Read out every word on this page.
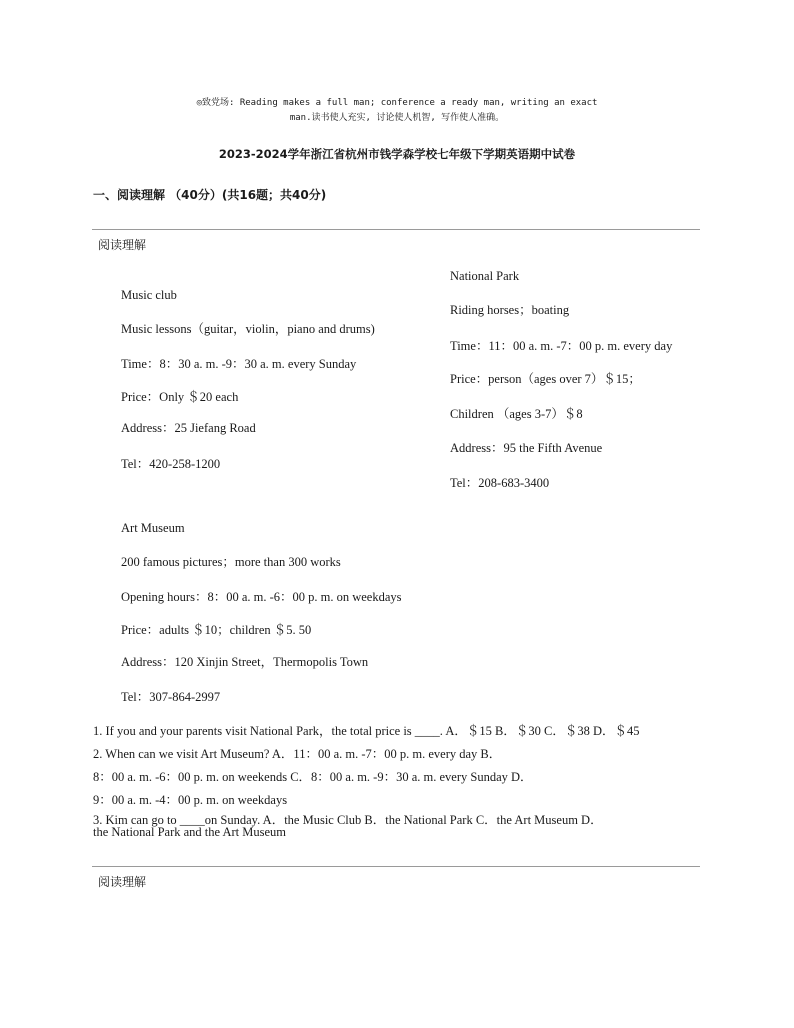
◎致党场: Reading makes a full man; conference a ready man, writing an exact
man.读书使人充实, 讨论使人机智, 写作使人准确。
2023-2024学年浙江省杭州市钱学森学校七年级下学期英语期中试卷
一、阅读理解 （40分）(共16题；共40分)
阅读理解
Music club
Music lessons（guitar，violin，piano and drums)
Time：8：30 a. m. -9：30 a. m. every Sunday
Price：Only ＄20 each
Address：25 Jiefang Road
Tel：420-258-1200
National Park
Riding horses；boating
Time：11：00 a. m. -7：00 p. m. every day
Price：person（ages over 7）＄15；
Children （ages 3-7）＄8
Address：95 the Fifth Avenue
Tel：208-683-3400
Art Museum
200 famous pictures；more than 300 works
Opening hours：8：00 a. m. -6：00 p. m. on weekdays
Price：adults ＄10；children ＄5. 50
Address：120 Xinjin Street，Thermopolis Town
Tel：307-864-2997
1. If you and your parents visit National Park，the total price is ____. A．＄15 B．＄30 C．＄38 D．＄45
2. When can we visit Art Museum? A．11：00 a. m. -7：00 p. m. every day B．
8：00 a. m. -6：00 p. m. on weekends C．8：00 a. m. -9：30 a. m. every Sunday D．
9：00 a. m. -4：00 p. m. on weekdays
3. Kim can go to ____on Sunday. A．the Music Club B．the National Park C．the Art Museum D．
the National Park and the Art Museum
阅读理解
